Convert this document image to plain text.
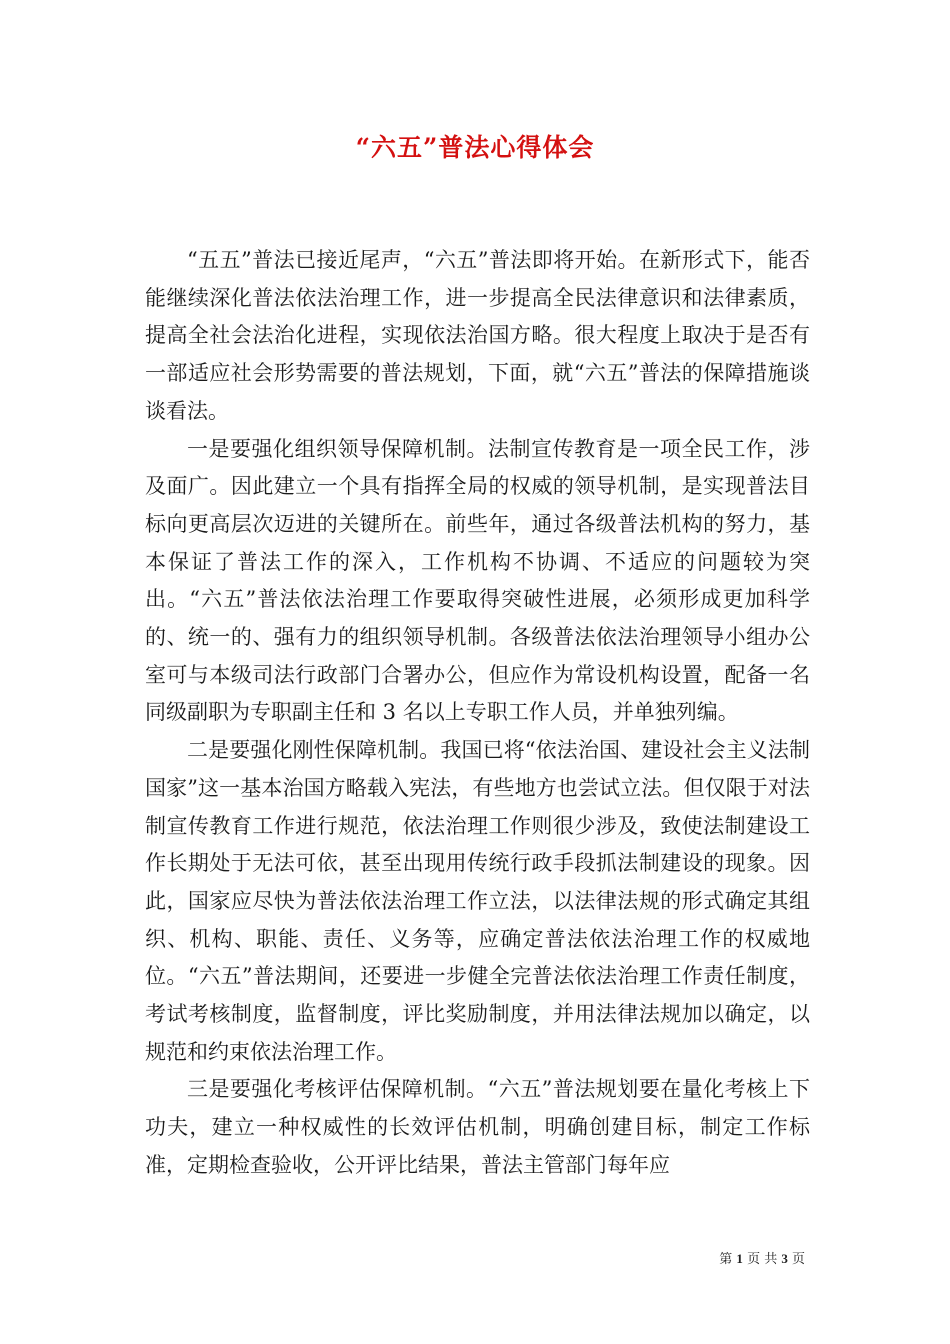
“六五”普法心得体会

“五五”普法已接近尾声，“六五”普法即将开始。在新形式下，能否能继续深化普法依法治理工作，进一步提高全民法律意识和法律素质，提高全社会法治化进程，实现依法治国方略。很大程度上取决于是否有一部适应社会形势需要的普法规划，下面，就“六五”普法的保障措施谈谈看法。

一是要强化组织领导保障机制。法制宣传教育是一项全民工作，涉及面广。因此建立一个具有指挥全局的权威的领导机制，是实现普法目标向更高层次迈进的关键所在。前些年，通过各级普法机构的努力，基本保证了普法工作的深入，工作机构不协调、不适应的问题较为突出。“六五”普法依法治理工作要取得突破性进展，必须形成更加科学的、统一的、强有力的组织领导机制。各级普法依法治理领导小组办公室可与本级司法行政部门合署办公，但应作为常设机构设置，配备一名同级副职为专职副主任和 3 名以上专职工作人员，并单独列编。

二是要强化刚性保障机制。我国已将“依法治国、建设社会主义法制国家”这一基本治国方略载入宪法，有些地方也尝试立法。但仅限于对法制宣传教育工作进行规范，依法治理工作则很少涉及，致使法制建设工作长期处于无法可依，甚至出现用传统行政手段抓法制建设的现象。因此，国家应尽快为普法依法治理工作立法，以法律法规的形式确定其组织、机构、职能、责任、义务等，应确定普法依法治理工作的权威地位。“六五”普法期间，还要进一步健全完普法依法治理工作责任制度，考试考核制度，监督制度，评比奖励制度，并用法律法规加以确定，以规范和约束依法治理工作。

三是要强化考核评估保障机制。“六五”普法规划要在量化考核上下功夫，建立一种权威性的长效评估机制，明确创建目标，制定工作标准，定期检查验收，公开评比结果，普法主管部门每年应

第 1 页 共 3 页
